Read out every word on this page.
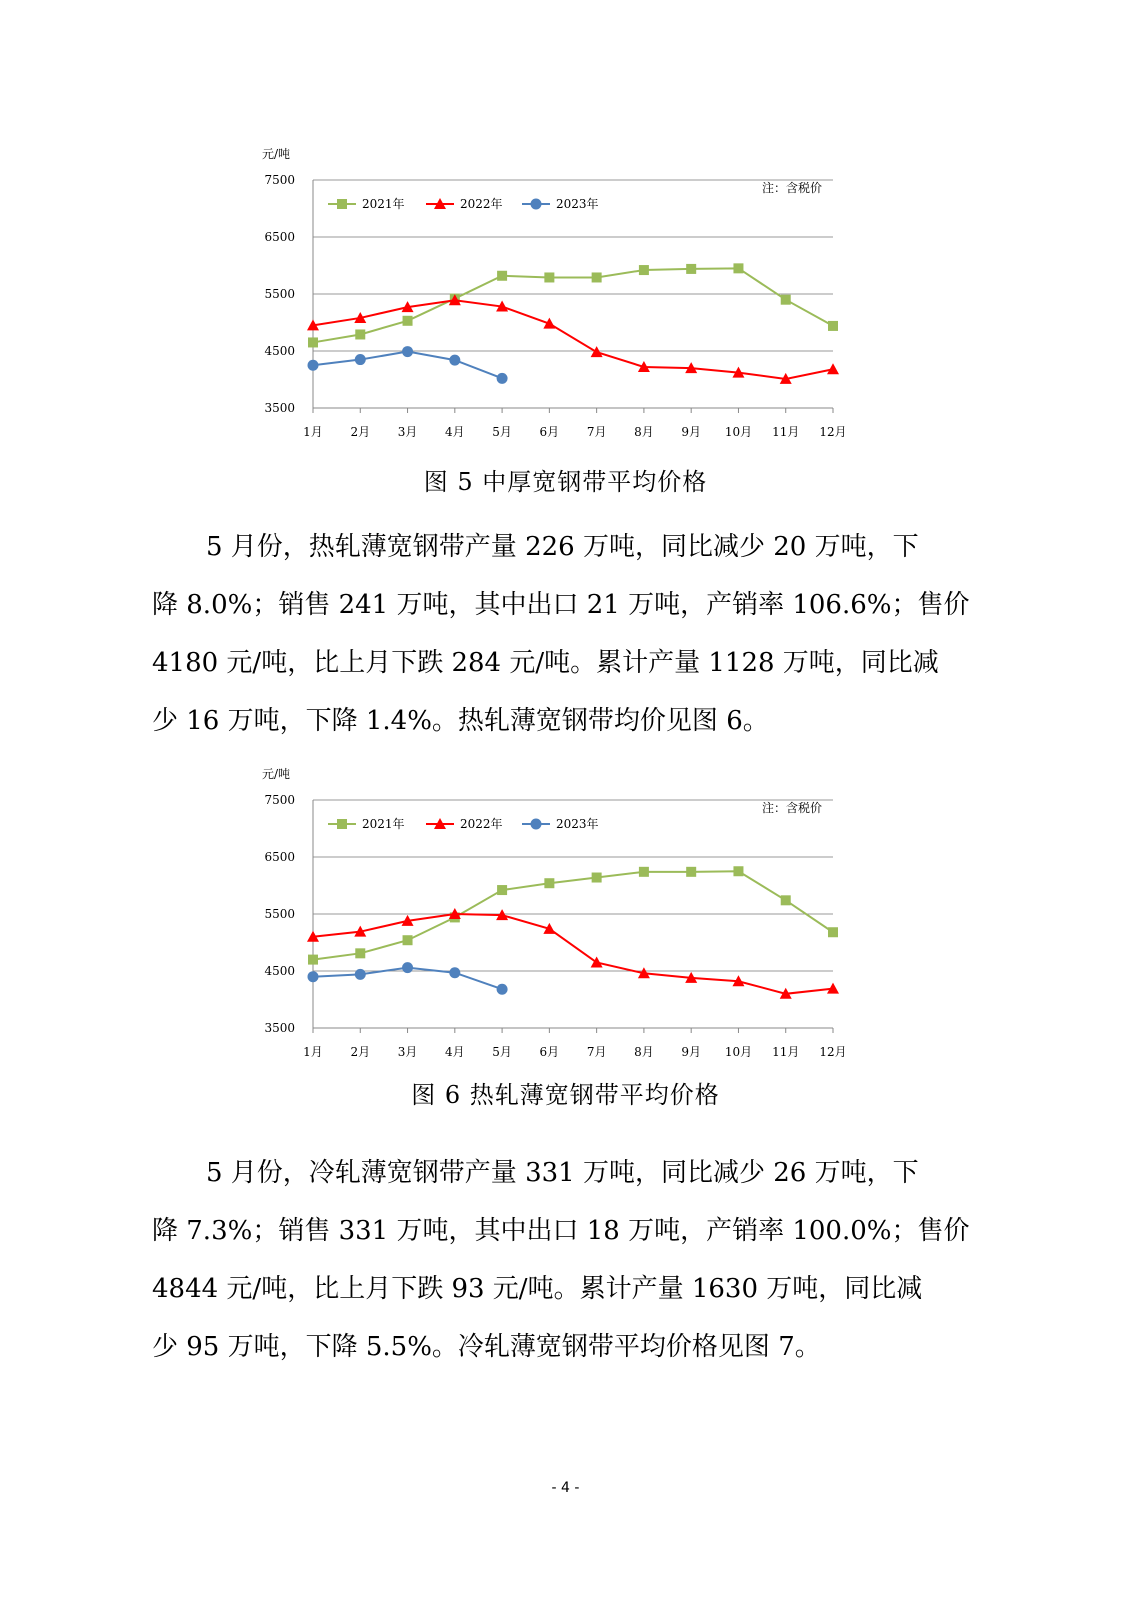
元/吨
7500
6500
5500
4500
3500
1月 2月 3月 4月 5月 6月 7月 8月 9月 10月 11月 12月
注：含税价
2021年	2022年	2023年
图 5 中厚宽钢带平均价格
5 月份，热轧薄宽钢带产量 226 万吨，同比减少 20 万吨，下
降 8.0%；销售 241 万吨，其中出口 21 万吨，产销率 106.6%；售价
4180 元/吨，比上月下跌 284 元/吨。累计产量 1128 万吨，同比减
少 16 万吨，下降 1.4%。热轧薄宽钢带均价见图 6。
元/吨
7500
6500
5500
4500
3500
1月 2月 3月 4月 5月 6月 7月 8月 9月 10月 11月 12月
注：含税价
2021年	2022年	2023年
图 6 热轧薄宽钢带平均价格
5 月份，冷轧薄宽钢带产量 331 万吨，同比减少 26 万吨，下
降 7.3%；销售 331 万吨，其中出口 18 万吨，产销率 100.0%；售价
4844 元/吨，比上月下跌 93 元/吨。累计产量 1630 万吨，同比减
少 95 万吨，下降 5.5%。冷轧薄宽钢带平均价格见图 7。
- 4 -
